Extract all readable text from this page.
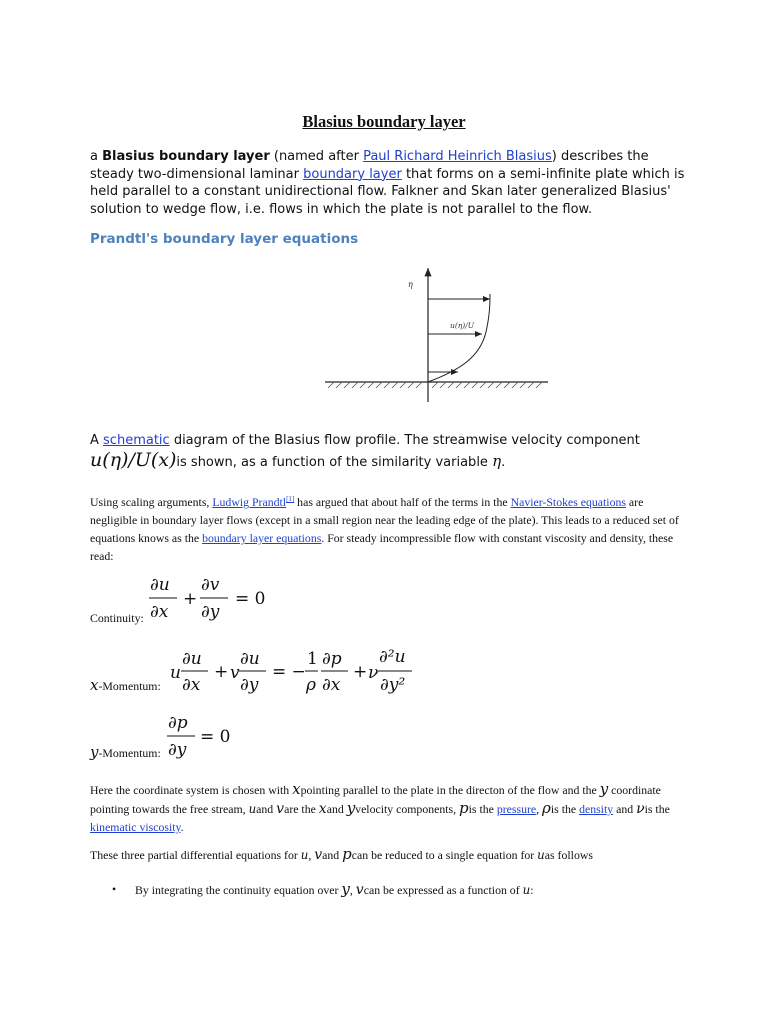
Blasius boundary layer
a Blasius boundary layer (named after Paul Richard Heinrich Blasius) describes the steady two-dimensional laminar boundary layer that forms on a semi-infinite plate which is held parallel to a constant unidirectional flow. Falkner and Skan later generalized Blasius' solution to wedge flow, i.e. flows in which the plate is not parallel to the flow.
Prandtl's boundary layer equations
η
u(η)/U
A schematic diagram of the Blasius flow profile. The streamwise velocity component
u(η)/U(x)is shown, as a function of the similarity variable η.
Using scaling arguments, Ludwig Prandtl[1] has argued that about half of the terms in the Navier-Stokes equations are negligible in boundary layer flows (except in a small region near the leading edge of the plate). This leads to a reduced set of equations knows as the boundary layer equations. For steady incompressible flow with constant viscosity and density, these read:
Continuity:
∂u
∂x
+
∂v
∂y
= 0
x-Momentum:
u
∂u
∂x
+ v
∂u
∂y
= −
1
ρ
∂p
∂x
+ ν
∂²u
∂y²
y-Momentum:
∂p
∂y
= 0
Here the coordinate system is chosen with xpointing parallel to the plate in the directon of the flow and the y coordinate pointing towards the free stream, uand vare the xand yvelocity components, pis the pressure, ρis the density and νis the kinematic viscosity.
These three partial differential equations for u, vand pcan be reduced to a single equation for uas follows
• By integrating the continuity equation over y, vcan be expressed as a function of u:
